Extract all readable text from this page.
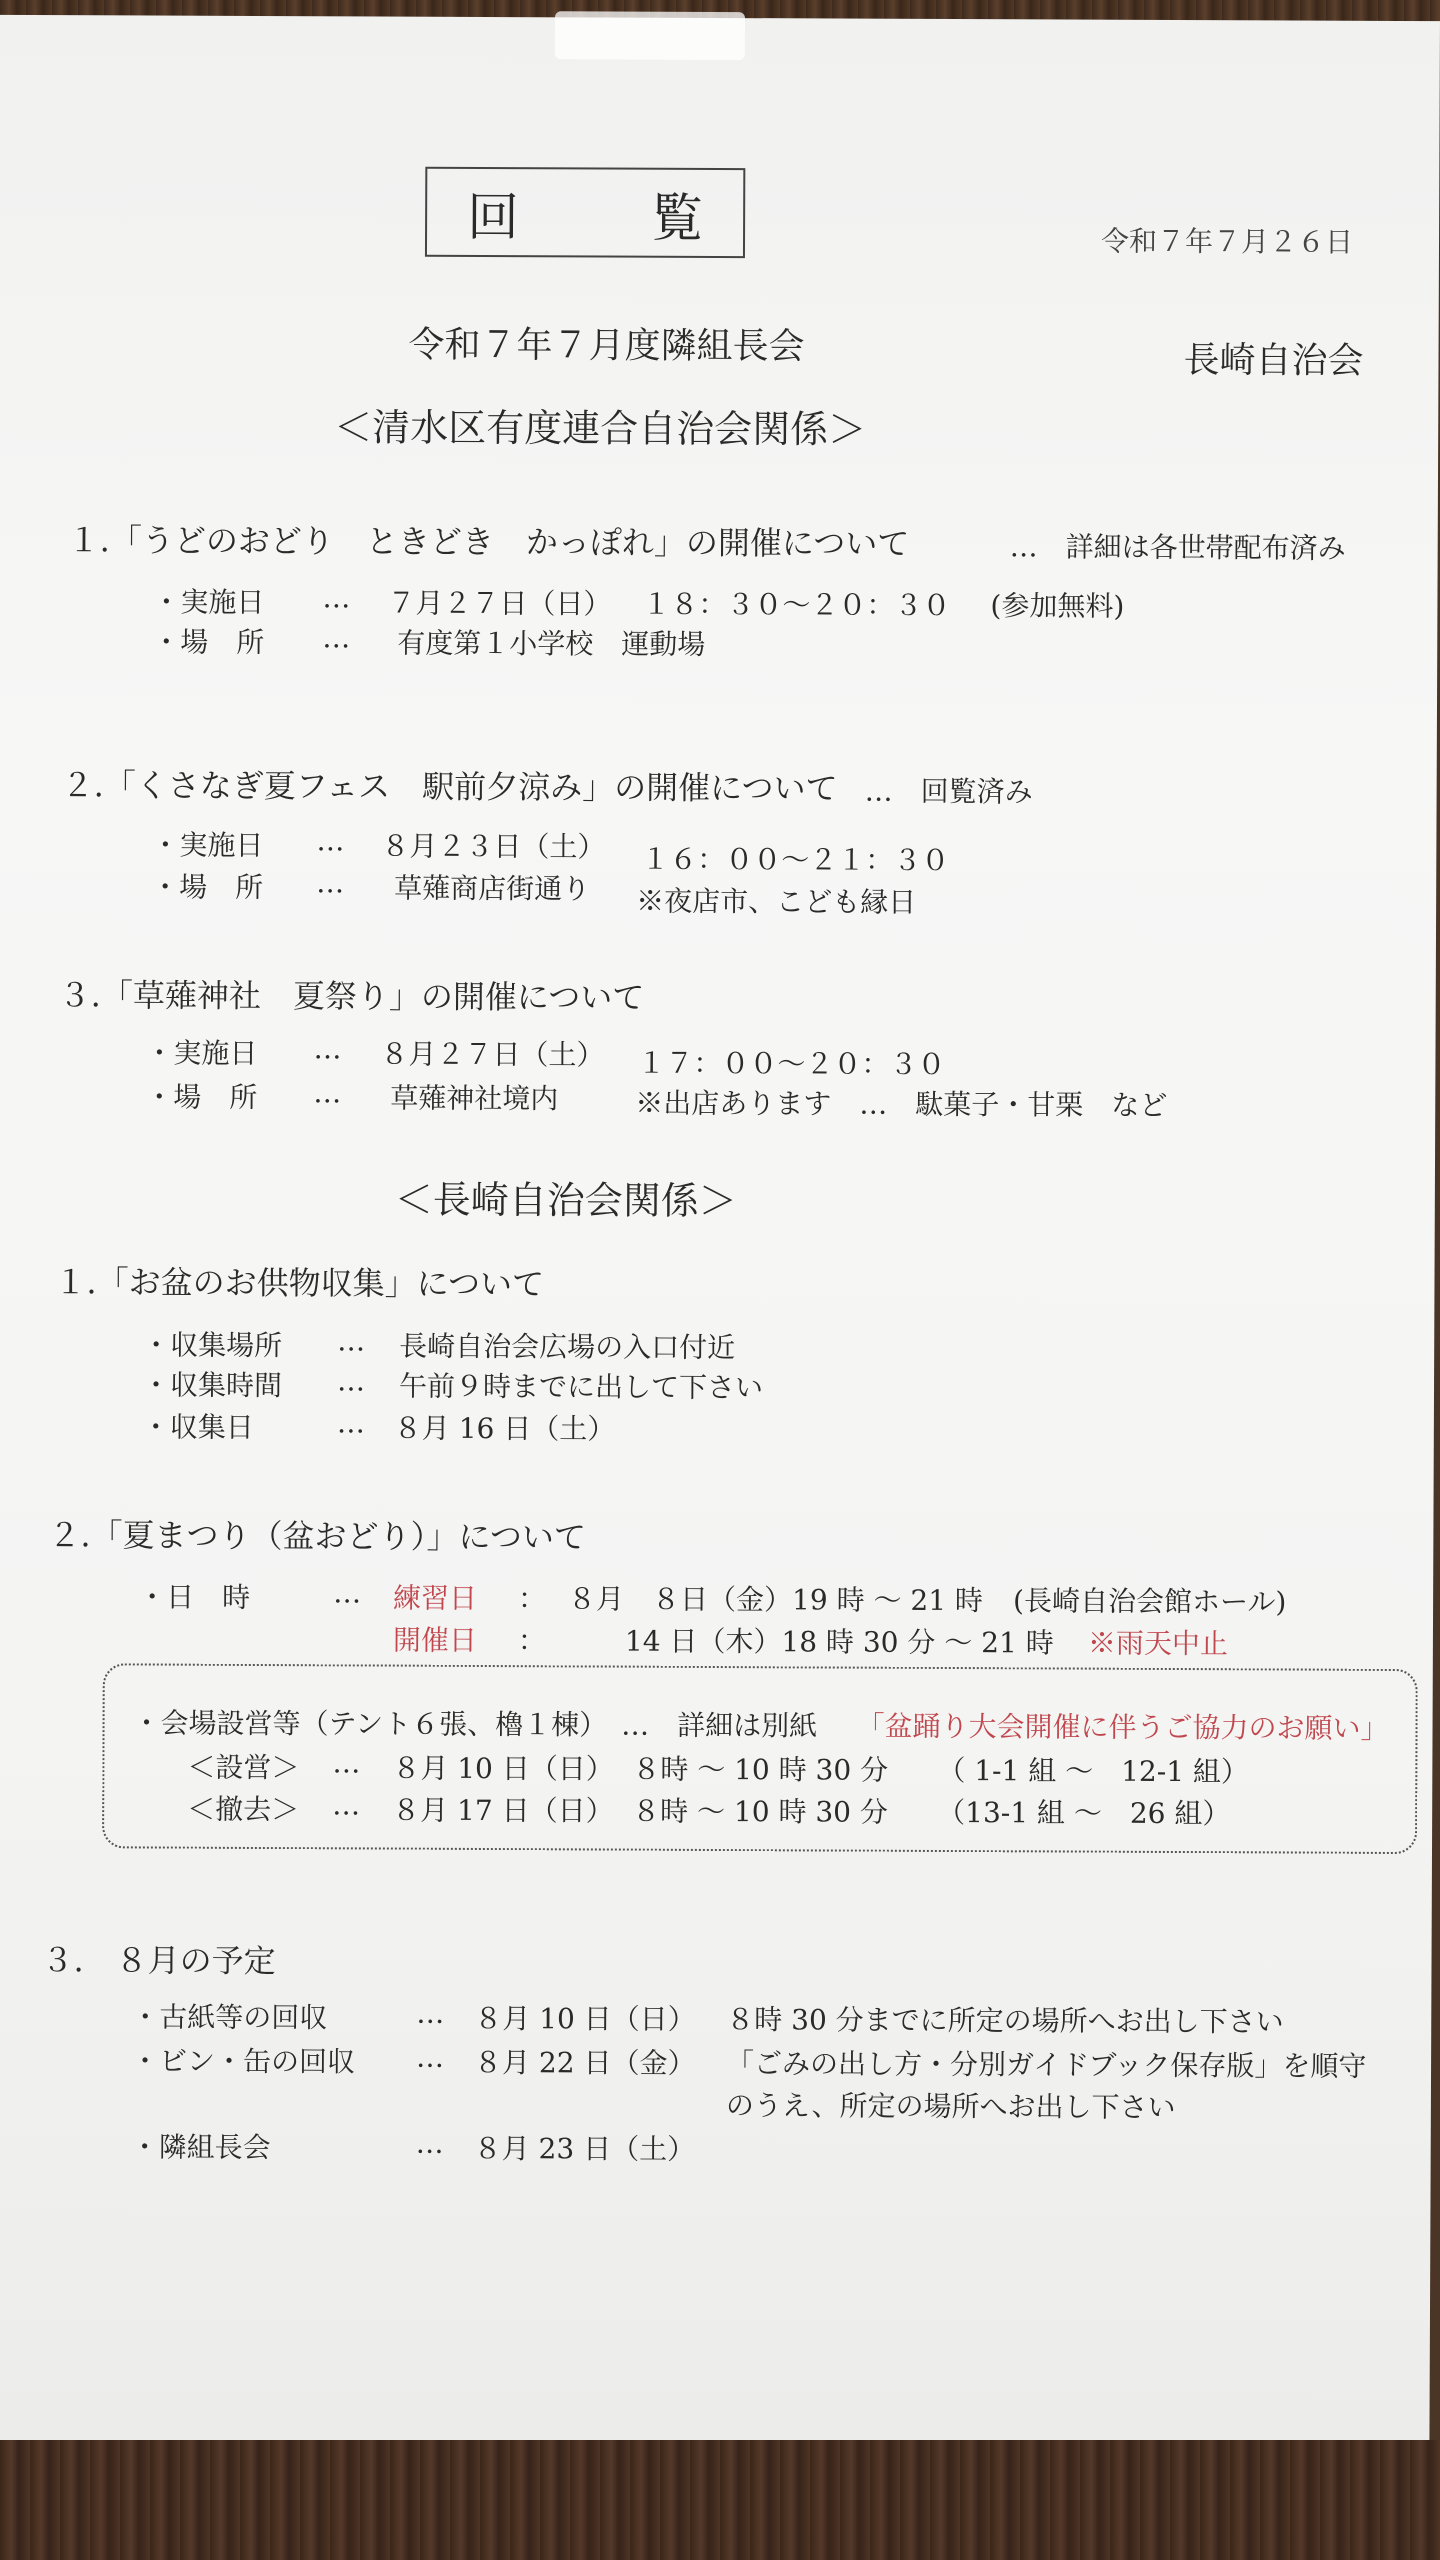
回　覧	令和７年７月２６日
令和７年７月度隣組長会	長崎自治会
＜清水区有度連合自治会関係＞
１.「うどのおどり　ときどき　かっぽれ」の開催について	…　詳細は各世帯配布済み
・実施日 … ７月２７日（日） １８：３０〜２０：３０ (参加無料)
・場　所 … 有度第１小学校　運動場
２.「くさなぎ夏フェス　駅前夕涼み」の開催について …　回覧済み
・実施日 … ８月２３日（土） １６：００〜２１：３０
・場　所 … 草薙商店街通り ※夜店市、こども縁日
３.「草薙神社　夏祭り」の開催について
・実施日 … ８月２７日（土） １７：００〜２０：３０
・場　所 … 草薙神社境内	※出店あります　…　駄菓子・甘栗　など
＜長崎自治会関係＞
１.「お盆のお供物収集」について
・収集場所 … 長崎自治会広場の入口付近
・収集時間 … 午前９時までに出して下さい
・収集日	… ８月 16 日（土）
２.「夏まつり（盆おどり）」について
・日　時	… 練習日 ： ８月　８日（金）19 時 〜 21 時 (長崎自治会館ホール)
開催日 ：	14 日（木）18 時 30 分 〜 21 時 ※雨天中止
・会場設営等（テント６張、櫓１棟）　…　詳細は別紙 「盆踊り大会開催に伴うご協力のお願い」
＜設営＞ … ８月 10 日（日） ８時 〜 10 時 30 分 （ 1-1 組 〜　12-1 組）
＜撤去＞ … ８月 17 日（日） ８時 〜 10 時 30 分 （13-1 組 〜　26 組）
３.　８月の予定
・古紙等の回収	… ８月 10 日（日） ８時 30 分までに所定の場所へお出し下さい
・ビン・缶の回収 … ８月 22 日（金） 「ごみの出し方・分別ガイドブック保存版」を順守
のうえ、所定の場所へお出し下さい
・隣組長会	… ８月 23 日（土）
